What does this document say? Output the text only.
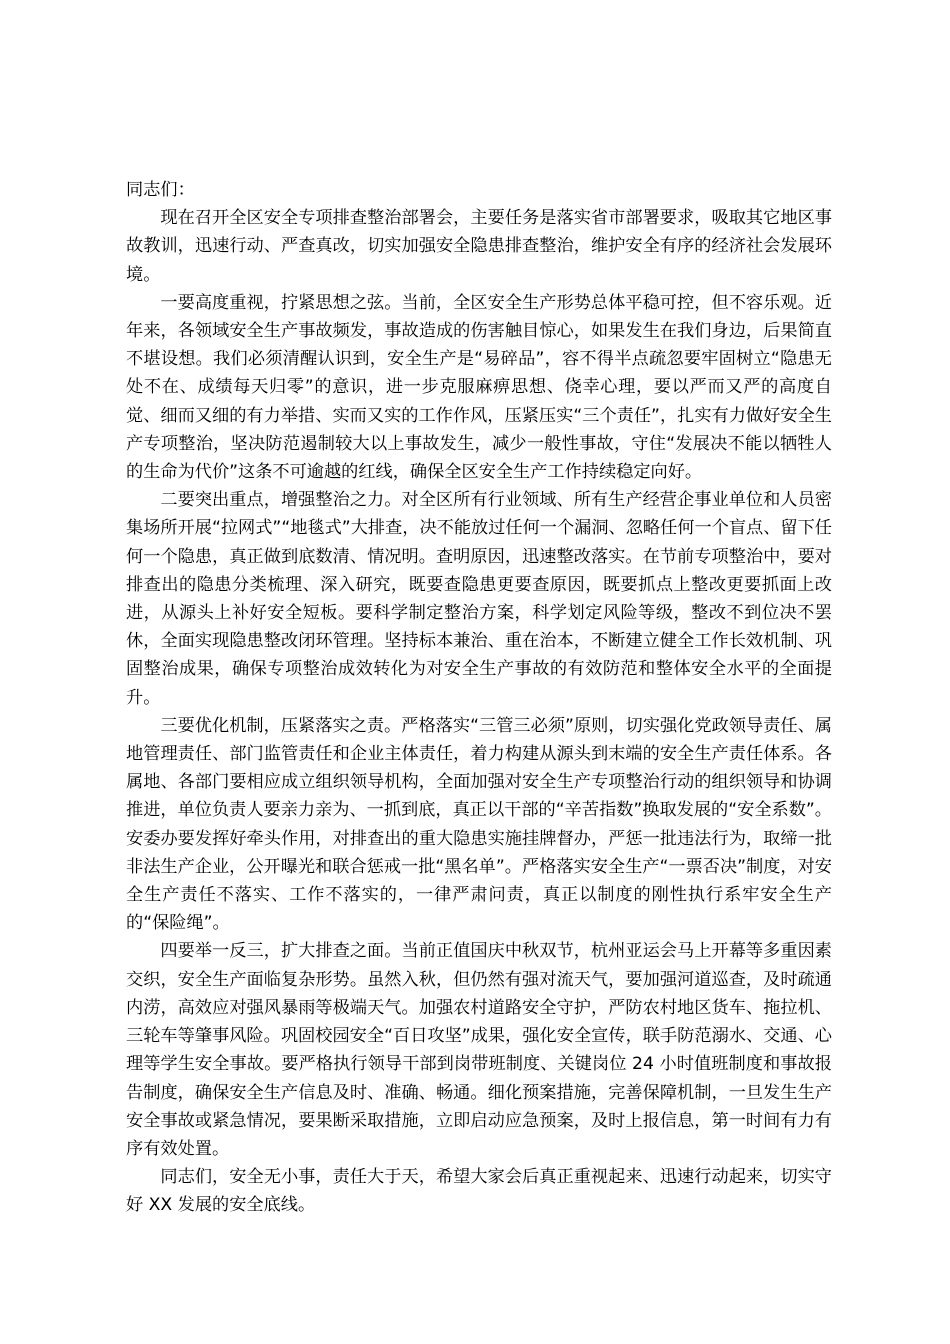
同志们：

现在召开全区安全专项排查整治部署会，主要任务是落实省市部署要求，吸取其它地区事故教训，迅速行动、严查真改，切实加强安全隐患排查整治，维护安全有序的经济社会发展环境。

一要高度重视，拧紧思想之弦。当前，全区安全生产形势总体平稳可控，但不容乐观。近年来，各领域安全生产事故频发，事故造成的伤害触目惊心，如果发生在我们身边，后果简直不堪设想。我们必须清醒认识到，安全生产是“易碎品”，容不得半点疏忽要牢固树立“隐患无处不在、成绩每天归零”的意识，进一步克服麻痹思想、侥幸心理，要以严而又严的高度自觉、细而又细的有力举措、实而又实的工作作风，压紧压实“三个责任”，扎实有力做好安全生产专项整治，坚决防范遏制较大以上事故发生，减少一般性事故，守住“发展决不能以牺牲人的生命为代价”这条不可逾越的红线，确保全区安全生产工作持续稳定向好。

二要突出重点，增强整治之力。对全区所有行业领域、所有生产经营企事业单位和人员密集场所开展“拉网式”“地毯式”大排查，决不能放过任何一个漏洞、忽略任何一个盲点、留下任何一个隐患，真正做到底数清、情况明。查明原因，迅速整改落实。在节前专项整治中，要对排查出的隐患分类梳理、深入研究，既要查隐患更要查原因，既要抓点上整改更要抓面上改进，从源头上补好安全短板。要科学制定整治方案，科学划定风险等级，整改不到位决不罢休，全面实现隐患整改闭环管理。坚持标本兼治、重在治本，不断建立健全工作长效机制、巩固整治成果，确保专项整治成效转化为对安全生产事故的有效防范和整体安全水平的全面提升。

三要优化机制，压紧落实之责。严格落实“三管三必须”原则，切实强化党政领导责任、属地管理责任、部门监管责任和企业主体责任，着力构建从源头到末端的安全生产责任体系。各属地、各部门要相应成立组织领导机构，全面加强对安全生产专项整治行动的组织领导和协调推进，单位负责人要亲力亲为、一抓到底，真正以干部的“辛苦指数”换取发展的“安全系数”。安委办要发挥好牵头作用，对排查出的重大隐患实施挂牌督办，严惩一批违法行为，取缔一批非法生产企业，公开曝光和联合惩戒一批“黑名单”。严格落实安全生产“一票否决”制度，对安全生产责任不落实、工作不落实的，一律严肃问责，真正以制度的刚性执行系牢安全生产的“保险绳”。

四要举一反三，扩大排查之面。当前正值国庆中秋双节，杭州亚运会马上开幕等多重因素交织，安全生产面临复杂形势。虽然入秋，但仍然有强对流天气，要加强河道巡查，及时疏通内涝，高效应对强风暴雨等极端天气。加强农村道路安全守护，严防农村地区货车、拖拉机、三轮车等肇事风险。巩固校园安全“百日攻坚”成果，强化安全宣传，联手防范溺水、交通、心理等学生安全事故。要严格执行领导干部到岗带班制度、关键岗位 24 小时值班制度和事故报告制度，确保安全生产信息及时、准确、畅通。细化预案措施，完善保障机制，一旦发生生产安全事故或紧急情况，要果断采取措施，立即启动应急预案，及时上报信息，第一时间有力有序有效处置。

同志们，安全无小事，责任大于天，希望大家会后真正重视起来、迅速行动起来，切实守好 XX 发展的安全底线。
